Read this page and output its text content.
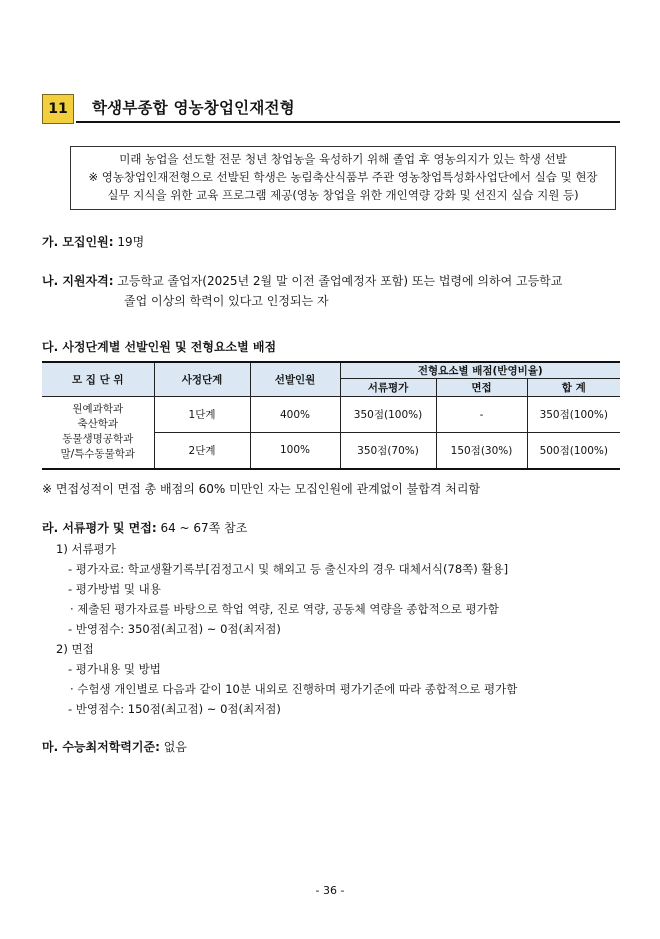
11	학생부종합 영농창업인재전형
미래 농업을 선도할 전문 청년 창업농을 육성하기 위해 졸업 후 영농의지가 있는 학생 선발
※ 영농창업인재전형으로 선발된 학생은 농림축산식품부 주관 영농창업특성화사업단에서 실습 및 현장
실무 지식을 위한 교육 프로그램 제공(영농 창업을 위한 개인역량 강화 및 선진지 실습 지원 등)
가. 모집인원: 19명
나. 지원자격: 고등학교 졸업자(2025년 2월 말 이전 졸업예정자 포함) 또는 법령에 의하여 고등학교
졸업 이상의 학력이 있다고 인정되는 자
다. 사정단계별 선발인원 및 전형요소별 배점
모 집 단 위	사정단계	선발인원	전형요소별 배점(반영비율)		
			서류평가	면접	합 계

원예과학과
축산학과
동물생명공학과
말/특수동물학과	1단계	400%	350점(100%)	-	350점(100%)
	2단계	100%	350점(70%)	150점(30%)	500점(100%)
※ 면접성적이 면접 총 배점의 60% 미만인 자는 모집인원에 관계없이 불합격 처리함
라. 서류평가 및 면접: 64 ~ 67쪽 참조
1) 서류평가
- 평가자료: 학교생활기록부[검정고시 및 해외고 등 출신자의 경우 대체서식(78쪽) 활용]
- 평가방법 및 내용
· 제출된 평가자료를 바탕으로 학업 역량, 진로 역량, 공동체 역량을 종합적으로 평가함
- 반영점수: 350점(최고점) ~ 0점(최저점)
2) 면접
- 평가내용 및 방법
· 수험생 개인별로 다음과 같이 10분 내외로 진행하며 평가기준에 따라 종합적으로 평가함
- 반영점수: 150점(최고점) ~ 0점(최저점)
마. 수능최저학력기준: 없음
- 36 -
